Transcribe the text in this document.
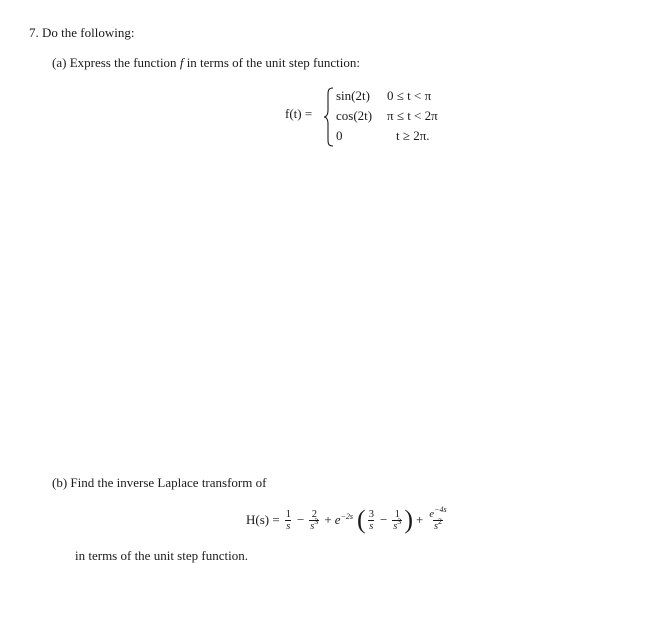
7. Do the following:
(a) Express the function f in terms of the unit step function:
f(t) =
sin(2t) 0 ≤ t < π
cos(2t) π ≤ t < 2π
0	t ≥ 2π.
(b) Find the inverse Laplace transform of
$H(s) = \frac{1}{s} - \frac{2}{s^3} + e^{-2s}$ ( $\frac{3}{s} - \frac{1}{s^3}$ ) + $\frac{e^{-4s}}{s^2}$
in terms of the unit step function.
